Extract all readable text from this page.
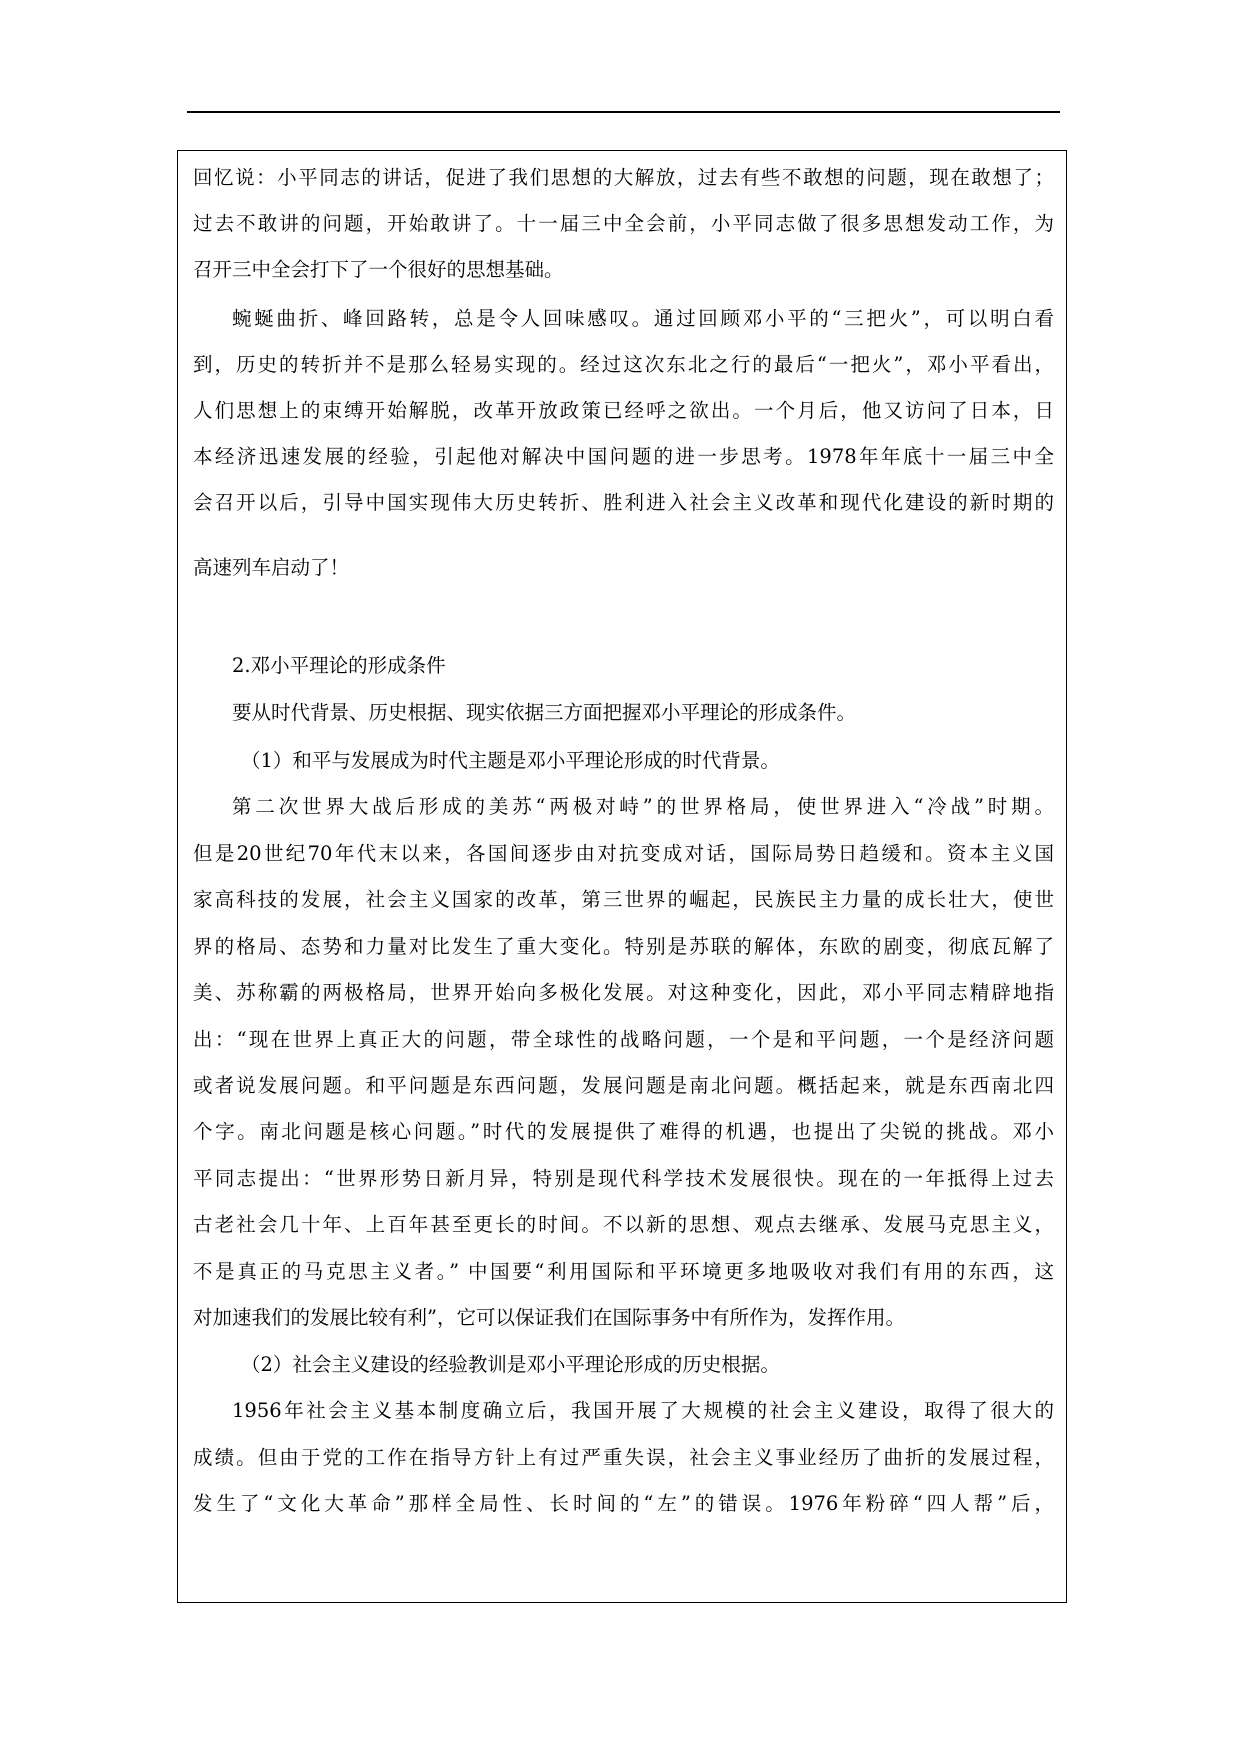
回忆说：小平同志的讲话，促进了我们思想的大解放，过去有些不敢想的问题，现在敢想了；

过去不敢讲的问题，开始敢讲了。十一届三中全会前，小平同志做了很多思想发动工作，为

召开三中全会打下了一个很好的思想基础。

蜿蜒曲折、峰回路转，总是令人回味感叹。通过回顾邓小平的“三把火”，可以明白看

到，历史的转折并不是那么轻易实现的。经过这次东北之行的最后“一把火”，邓小平看出，

人们思想上的束缚开始解脱，改革开放政策已经呼之欲出。一个月后，他又访问了日本，日

本经济迅速发展的经验，引起他对解决中国问题的进一步思考。1978年年底十一届三中全

会召开以后，引导中国实现伟大历史转折、胜利进入社会主义改革和现代化建设的新时期的

高速列车启动了！

2.邓小平理论的形成条件

要从时代背景、历史根据、现实依据三方面把握邓小平理论的形成条件。

（1）和平与发展成为时代主题是邓小平理论形成的时代背景。

第二次世界大战后形成的美苏“两极对峙”的世界格局，使世界进入“冷战”时期。

但是20世纪70年代末以来，各国间逐步由对抗变成对话，国际局势日趋缓和。资本主义国

家高科技的发展，社会主义国家的改革，第三世界的崛起，民族民主力量的成长壮大，使世

界的格局、态势和力量对比发生了重大变化。特别是苏联的解体，东欧的剧变，彻底瓦解了

美、苏称霸的两极格局，世界开始向多极化发展。对这种变化，因此，邓小平同志精辟地指

出：“现在世界上真正大的问题，带全球性的战略问题，一个是和平问题，一个是经济问题

或者说发展问题。和平问题是东西问题，发展问题是南北问题。概括起来，就是东西南北四

个字。南北问题是核心问题。”时代的发展提供了难得的机遇，也提出了尖锐的挑战。邓小

平同志提出：“世界形势日新月异，特别是现代科学技术发展很快。现在的一年抵得上过去

古老社会几十年、上百年甚至更长的时间。不以新的思想、观点去继承、发展马克思主义，

不是真正的马克思主义者。” 中国要“利用国际和平环境更多地吸收对我们有用的东西，这

对加速我们的发展比较有利”，它可以保证我们在国际事务中有所作为，发挥作用。

（2）社会主义建设的经验教训是邓小平理论形成的历史根据。

1956年社会主义基本制度确立后，我国开展了大规模的社会主义建设，取得了很大的

成绩。但由于党的工作在指导方针上有过严重失误，社会主义事业经历了曲折的发展过程，

发生了“文化大革命”那样全局性、长时间的“左”的错误。1976年粉碎“四人帮”后，
